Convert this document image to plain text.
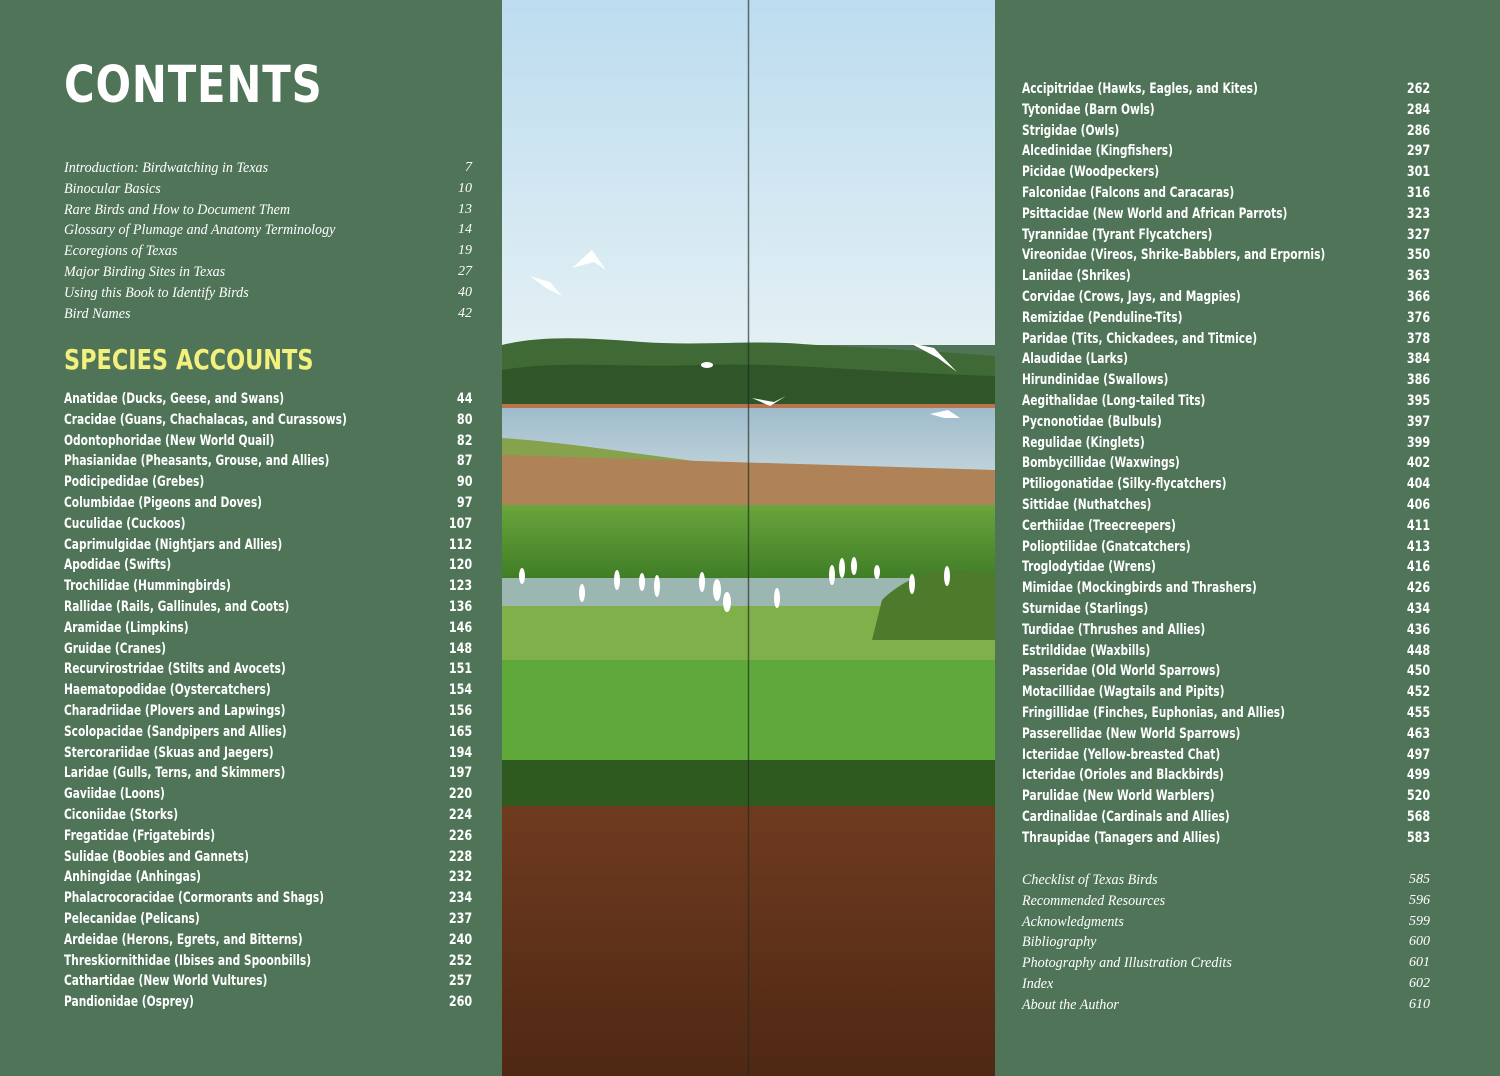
CONTENTS
Introduction: Birdwatching in Texas	7
Binocular Basics	10
Rare Birds and How to Document Them	13
Glossary of Plumage and Anatomy Terminology	14
Ecoregions of Texas	19
Major Birding Sites in Texas	27
Using this Book to Identify Birds	40
Bird Names	42
SPECIES ACCOUNTS
Anatidae (Ducks, Geese, and Swans)	44
Cracidae (Guans, Chachalacas, and Curassows)	80
Odontophoridae (New World Quail)	82
Phasianidae (Pheasants, Grouse, and Allies)	87
Podicipedidae (Grebes)	90
Columbidae (Pigeons and Doves)	97
Cuculidae (Cuckoos)	107
Caprimulgidae (Nightjars and Allies)	112
Apodidae (Swifts)	120
Trochilidae (Hummingbirds)	123
Rallidae (Rails, Gallinules, and Coots)	136
Aramidae (Limpkins)	146
Gruidae (Cranes)	148
Recurvirostridae (Stilts and Avocets)	151
Haematopodidae (Oystercatchers)	154
Charadriidae (Plovers and Lapwings)	156
Scolopacidae (Sandpipers and Allies)	165
Stercorariidae (Skuas and Jaegers)	194
Laridae (Gulls, Terns, and Skimmers)	197
Gaviidae (Loons)	220
Ciconiidae (Storks)	224
Fregatidae (Frigatebirds)	226
Sulidae (Boobies and Gannets)	228
Anhingidae (Anhingas)	232
Phalacrocoracidae (Cormorants and Shags)	234
Pelecanidae (Pelicans)	237
Ardeidae (Herons, Egrets, and Bitterns)	240
Threskiornithidae (Ibises and Spoonbills)	252
Cathartidae (New World Vultures)	257
Pandionidae (Osprey)	260
Accipitridae (Hawks, Eagles, and Kites)	262
Tytonidae (Barn Owls)	284
Strigidae (Owls)	286
Alcedinidae (Kingfishers)	297
Picidae (Woodpeckers)	301
Falconidae (Falcons and Caracaras)	316
Psittacidae (New World and African Parrots)	323
Tyrannidae (Tyrant Flycatchers)	327
Vireonidae (Vireos, Shrike-Babblers, and Erpornis)	350
Laniidae (Shrikes)	363
Corvidae (Crows, Jays, and Magpies)	366
Remizidae (Penduline-Tits)	376
Paridae (Tits, Chickadees, and Titmice)	378
Alaudidae (Larks)	384
Hirundinidae (Swallows)	386
Aegithalidae (Long-tailed Tits)	395
Pycnonotidae (Bulbuls)	397
Regulidae (Kinglets)	399
Bombycillidae (Waxwings)	402
Ptiliogonatidae (Silky-flycatchers)	404
Sittidae (Nuthatches)	406
Certhiidae (Treecreepers)	411
Polioptilidae (Gnatcatchers)	413
Troglodytidae (Wrens)	416
Mimidae (Mockingbirds and Thrashers)	426
Sturnidae (Starlings)	434
Turdidae (Thrushes and Allies)	436
Estrildidae (Waxbills)	448
Passeridae (Old World Sparrows)	450
Motacillidae (Wagtails and Pipits)	452
Fringillidae (Finches, Euphonias, and Allies)	455
Passerellidae (New World Sparrows)	463
Icteriidae (Yellow-breasted Chat)	497
Icteridae (Orioles and Blackbirds)	499
Parulidae (New World Warblers)	520
Cardinalidae (Cardinals and Allies)	568
Thraupidae (Tanagers and Allies)	583
Checklist of Texas Birds	585
Recommended Resources	596
Acknowledgments	599
Bibliography	600
Photography and Illustration Credits	601
Index	602
About the Author	610
